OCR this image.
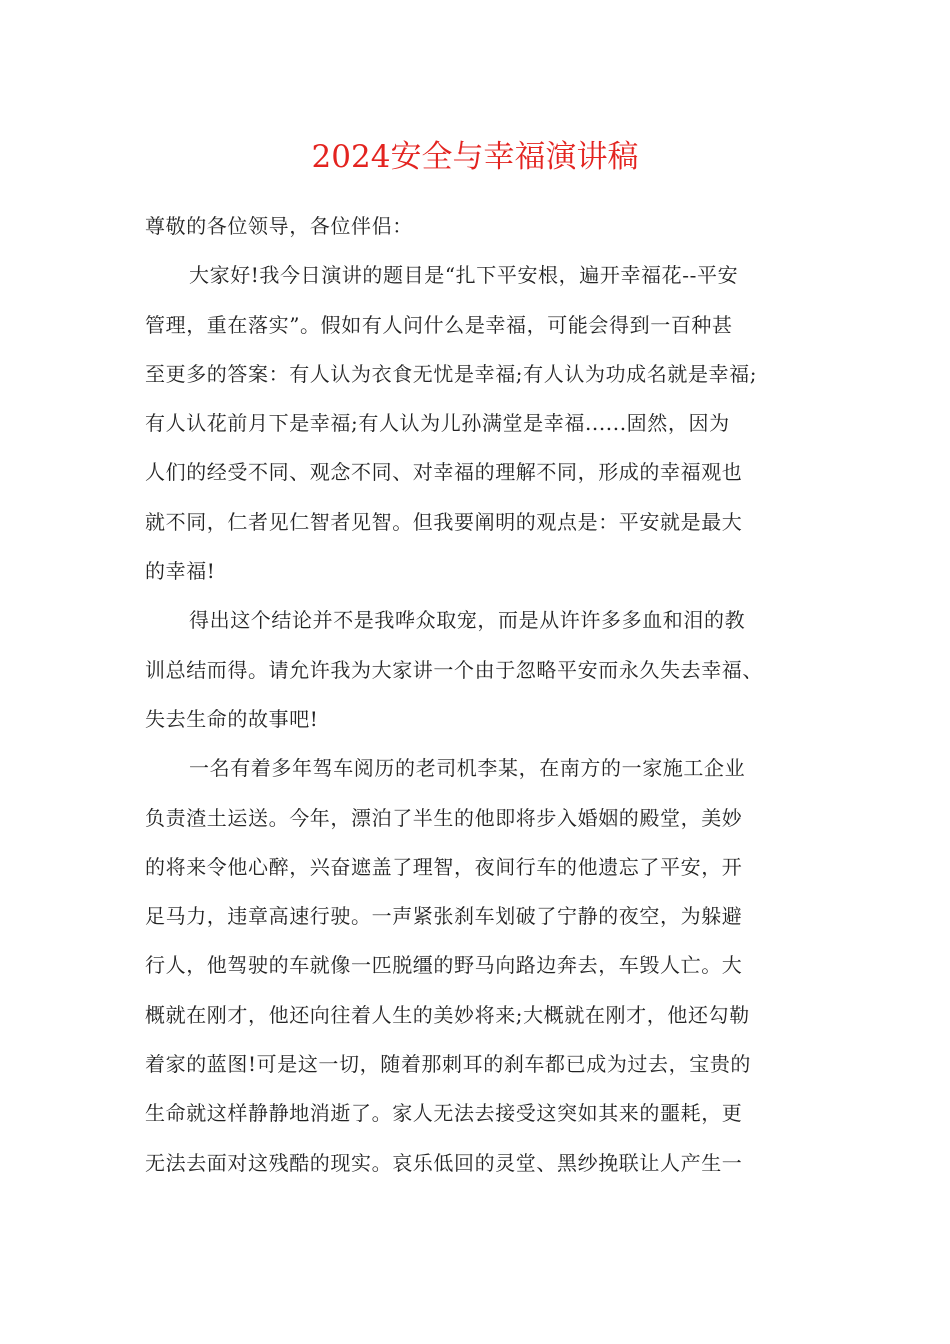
2024安全与幸福演讲稿
尊敬的各位领导，各位伴侣：
大家好!我今日演讲的题目是“扎下平安根，遍开幸福花--平安
管理，重在落实”。假如有人问什么是幸福，可能会得到一百种甚
至更多的答案：有人认为衣食无忧是幸福;有人认为功成名就是幸福;
有人认花前月下是幸福;有人认为儿孙满堂是幸福......固然，因为
人们的经受不同、观念不同、对幸福的理解不同，形成的幸福观也
就不同，仁者见仁智者见智。但我要阐明的观点是：平安就是最大
的幸福!
得出这个结论并不是我哗众取宠，而是从许许多多血和泪的教
训总结而得。请允许我为大家讲一个由于忽略平安而永久失去幸福、
失去生命的故事吧!
一名有着多年驾车阅历的老司机李某，在南方的一家施工企业
负责渣土运送。今年，漂泊了半生的他即将步入婚姻的殿堂，美妙
的将来令他心醉，兴奋遮盖了理智，夜间行车的他遗忘了平安，开
足马力，违章高速行驶。一声紧张刹车划破了宁静的夜空，为躲避
行人，他驾驶的车就像一匹脱缰的野马向路边奔去，车毁人亡。大
概就在刚才，他还向往着人生的美妙将来;大概就在刚才，他还勾勒
着家的蓝图!可是这一切，随着那刺耳的刹车都已成为过去，宝贵的
生命就这样静静地消逝了。家人无法去接受这突如其来的噩耗，更
无法去面对这残酷的现实。哀乐低回的灵堂、黑纱挽联让人产生一
